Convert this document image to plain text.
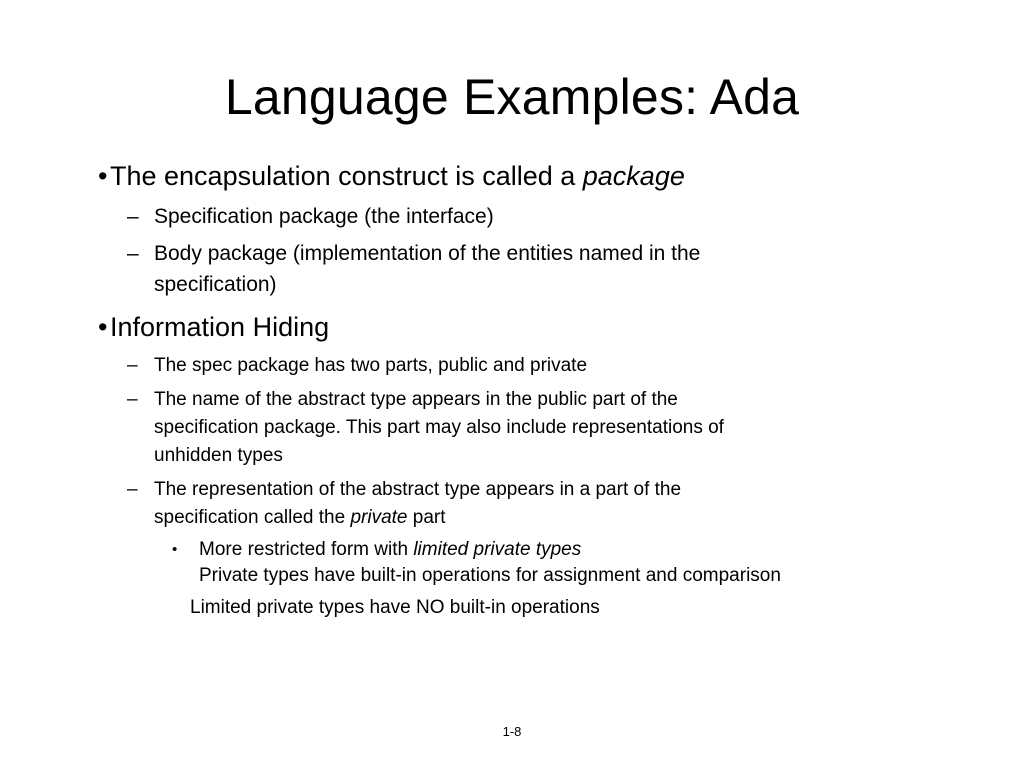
Language Examples: Ada
• The encapsulation construct is called a package
– Specification package (the interface)
– Body package (implementation of the entities named in the
specification)
• Information Hiding
– The spec package has two parts, public and private
– The name of the abstract type appears in the public part of the
specification package. This part may also include representations of
unhidden types
– The representation of the abstract type appears in a part of the
specification called the private part
• More restricted form with limited private types
Private types have built-in operations for assignment and comparison
Limited private types have NO built-in operations
1-8
